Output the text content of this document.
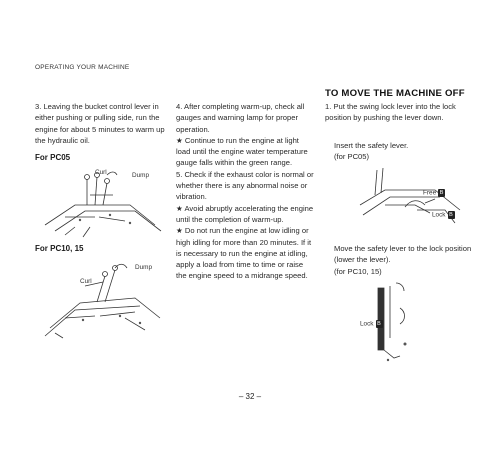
OPERATING YOUR MACHINE

3. Leaving the bucket control lever in either pushing or pulling side, run the engine for about 5 minutes to warm up the hydraulic oil.

For PC05
Curl	Dump
For PC10, 15
Curl
Dump

4. After completing warm-up, check all gauges and warning lamp for proper operation.

★ Continue to run the engine at light load until the engine water temperature gauge falls within the green range.

5. Check if the exhaust color is normal or whether there is any abnormal noise or vibration.

★ Avoid abruptly accelerating the engine until the completion of warm-up.

★ Do not run the engine at low idling or high idling for more than 20 minutes. If it is necessary to run the engine at idling, apply a load from time to time or raise the engine speed to a midrange speed.

TO MOVE THE MACHINE OFF
1. Put the swing lock lever into the lock position by pushing the lever down.

Insert the safety lever.

(for PC05)

Free B
Lock B

Move the safety lever to the lock position (lower the lever).

(for PC10, 15)

Lock B
– 32 –
